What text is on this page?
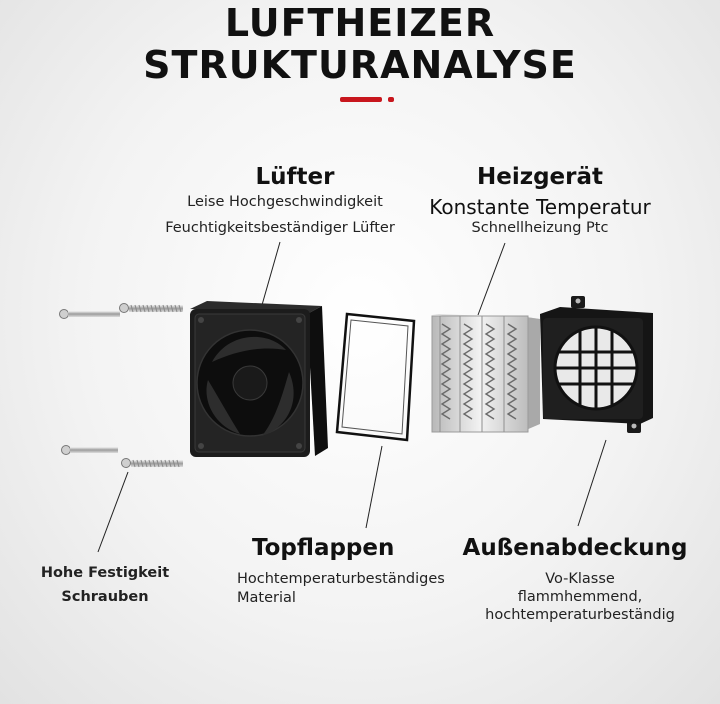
LUFTHEIZER
STRUKTURANALYSE
Lüfter
Leise Hochgeschwindigkeit
Feuchtigkeitsbeständiger Lüfter
Heizgerät
Konstante Temperatur
Schnellheizung Ptc
Hohe Festigkeit
Schrauben
Topflappen
Hochtemperaturbeständiges
Material
Außenabdeckung
Vo-Klasse
flammhemmend,
hochtemperaturbeständig
